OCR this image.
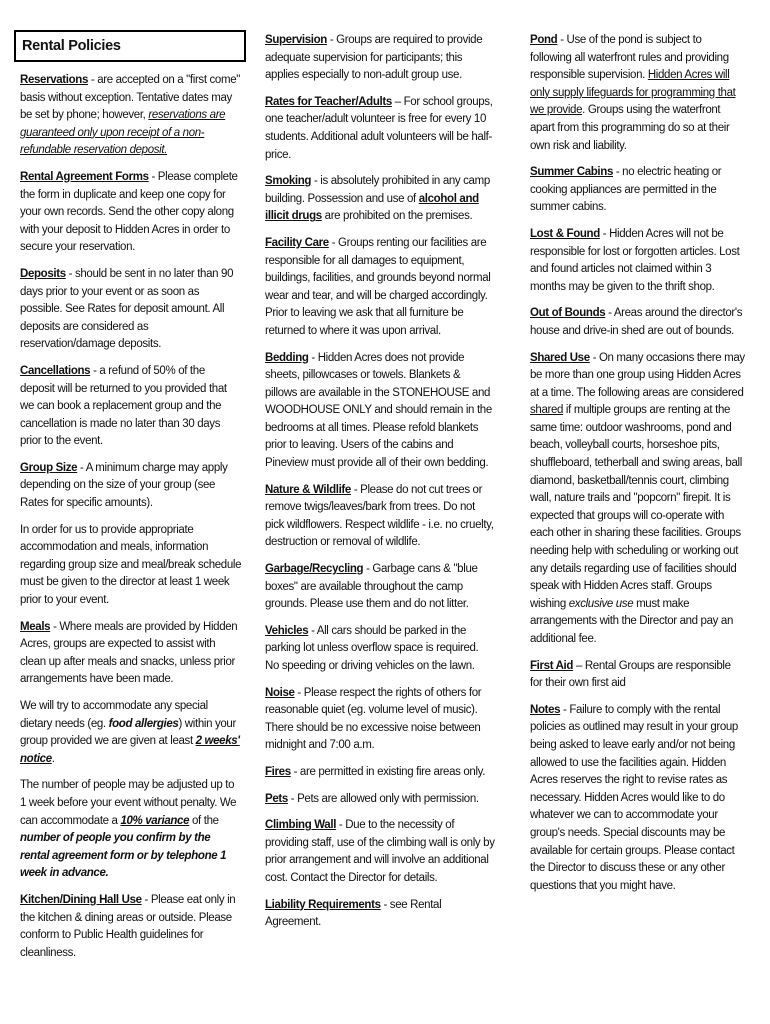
Rental Policies

Reservations - are accepted on a "first come" basis without exception. Tentative dates may be set by phone; however, reservations are guaranteed only upon receipt of a non-refundable reservation deposit.

Rental Agreement Forms - Please complete the form in duplicate and keep one copy for your own records. Send the other copy along with your deposit to Hidden Acres in order to secure your reservation.

Deposits - should be sent in no later than 90 days prior to your event or as soon as possible. See Rates for deposit amount. All deposits are considered as reservation/damage deposits.

Cancellations - a refund of 50% of the deposit will be returned to you provided that we can book a replacement group and the cancellation is made no later than 30 days prior to the event.

Group Size - A minimum charge may apply depending on the size of your group (see Rates for specific amounts).

In order for us to provide appropriate accommodation and meals, information regarding group size and meal/break schedule must be given to the director at least 1 week prior to your event.

Meals - Where meals are provided by Hidden Acres, groups are expected to assist with clean up after meals and snacks, unless prior arrangements have been made.

We will try to accommodate any special dietary needs (eg. food allergies) within your group provided we are given at least 2 weeks' notice.

The number of people may be adjusted up to 1 week before your event without penalty. We can accommodate a 10% variance of the number of people you confirm by the rental agreement form or by telephone 1 week in advance.

Kitchen/Dining Hall Use - Please eat only in the kitchen & dining areas or outside. Please conform to Public Health guidelines for cleanliness.

Supervision - Groups are required to provide adequate supervision for participants; this applies especially to non-adult group use.

Rates for Teacher/Adults – For school groups, one teacher/adult volunteer is free for every 10 students. Additional adult volunteers will be half-price.

Smoking - is absolutely prohibited in any camp building. Possession and use of alcohol and illicit drugs are prohibited on the premises.

Facility Care - Groups renting our facilities are responsible for all damages to equipment, buildings, facilities, and grounds beyond normal wear and tear, and will be charged accordingly. Prior to leaving we ask that all furniture be returned to where it was upon arrival.

Bedding - Hidden Acres does not provide sheets, pillowcases or towels. Blankets & pillows are available in the STONEHOUSE and WOODHOUSE ONLY and should remain in the bedrooms at all times. Please refold blankets prior to leaving. Users of the cabins and Pineview must provide all of their own bedding.

Nature & Wildlife - Please do not cut trees or remove twigs/leaves/bark from trees. Do not pick wildflowers. Respect wildlife - i.e. no cruelty, destruction or removal of wildlife.

Garbage/Recycling - Garbage cans & "blue boxes" are available throughout the camp grounds. Please use them and do not litter.

Vehicles - All cars should be parked in the parking lot unless overflow space is required. No speeding or driving vehicles on the lawn.

Noise - Please respect the rights of others for reasonable quiet (eg. volume level of music). There should be no excessive noise between midnight and 7:00 a.m.

Fires - are permitted in existing fire areas only.

Pets - Pets are allowed only with permission.

Climbing Wall - Due to the necessity of providing staff, use of the climbing wall is only by prior arrangement and will involve an additional cost. Contact the Director for details.

Liability Requirements - see Rental Agreement.

Pond - Use of the pond is subject to following all waterfront rules and providing responsible supervision. Hidden Acres will only supply lifeguards for programming that we provide. Groups using the waterfront apart from this programming do so at their own risk and liability.

Summer Cabins - no electric heating or cooking appliances are permitted in the summer cabins.

Lost & Found - Hidden Acres will not be responsible for lost or forgotten articles. Lost and found articles not claimed within 3 months may be given to the thrift shop.

Out of Bounds - Areas around the director's house and drive-in shed are out of bounds.

Shared Use - On many occasions there may be more than one group using Hidden Acres at a time. The following areas are considered shared if multiple groups are renting at the same time: outdoor washrooms, pond and beach, volleyball courts, horseshoe pits, shuffleboard, tetherball and swing areas, ball diamond, basketball/tennis court, climbing wall, nature trails and "popcorn" firepit. It is expected that groups will co-operate with each other in sharing these facilities. Groups needing help with scheduling or working out any details regarding use of facilities should speak with Hidden Acres staff. Groups wishing exclusive use must make arrangements with the Director and pay an additional fee.

First Aid – Rental Groups are responsible for their own first aid

Notes - Failure to comply with the rental policies as outlined may result in your group being asked to leave early and/or not being allowed to use the facilities again. Hidden Acres reserves the right to revise rates as necessary. Hidden Acres would like to do whatever we can to accommodate your group's needs. Special discounts may be available for certain groups. Please contact the Director to discuss these or any other questions that you might have.
